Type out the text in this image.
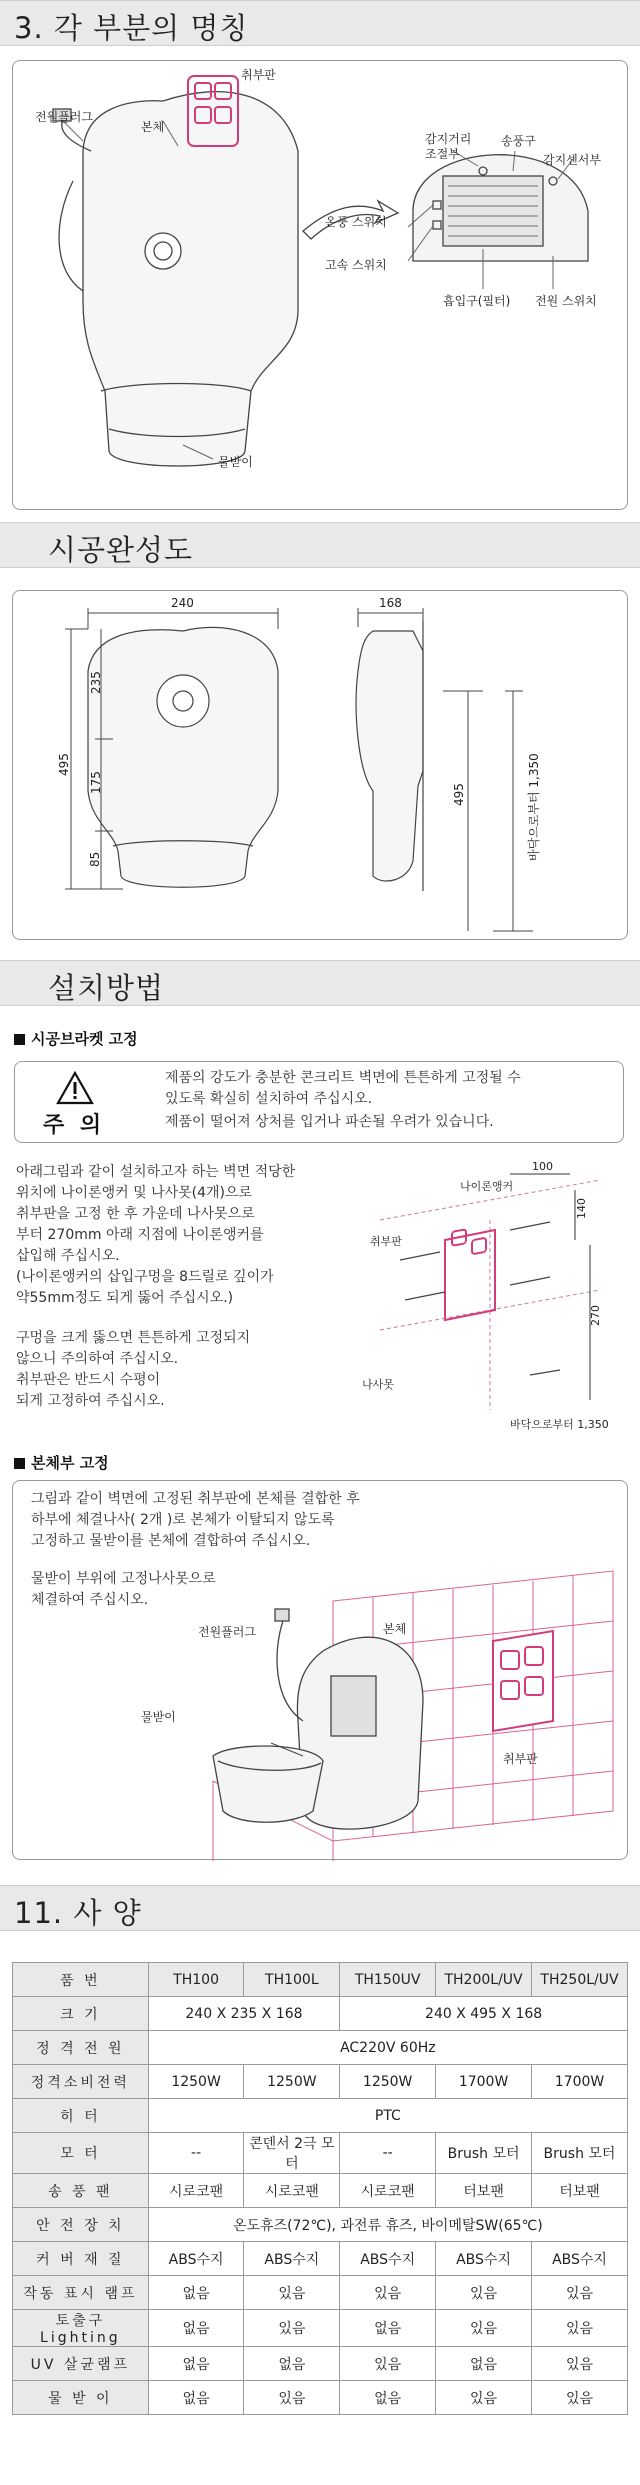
3. 각 부분의 명칭
취부판
전원플러그
본체
감지거리
조절부
송풍구
감지센서부
온풍 스위치
고속 스위치
흡입구(필터) 전원 스위치
물받이
시공완성도
240
495
235
175
85
168
495	바닥으로부터 1,350
설치방법
시공브라켓 고정
주 의
제품의 강도가 충분한 콘크리트 벽면에 튼튼하게 고정될 수
있도록 확실히 설치하여 주십시오.
제품이 떨어져 상처를 입거나 파손될 우려가 있습니다.
아래그림과 같이 설치하고자 하는 벽면 적당한
위치에 나이론앵커 및 나사못(4개)으로
취부판을 고정 한 후 가운데 나사못으로
부터 270mm 아래 지점에 나이론앵커를
삽입해 주십시오.
(나이론앵커의 삽입구멍을 8드릴로 깊이가
약55mm정도 되게 뚫어 주십시오.)
구멍을 크게 뚫으면 튼튼하게 고정되지
않으니 주의하여 주십시오.
취부판은 반드시 수평이
되게 고정하여 주십시오.
나이론앵커
취부판
나사못
100
140
270
바닥으로부터 1,350
본체부 고정
그림과 같이 벽면에 고정된 취부판에 본체를 결합한 후
하부에 체결나사( 2개 )로 본체가 이탈되지 않도록
고정하고 물받이를 본체에 결합하여 주십시오.
물받이 부위에 고정나사못으로
체결하여 주십시오.
본체
전원플러그
물받이
취부판
11. 사 양
품 번	TH100	TH100L	TH150UV	TH200L/UV	TH250L/UV
크 기	240 X 235 X 168		240 X 495 X 168		
정 격 전 원	AC220V 60Hz				
정격소비전력	1250W	1250W	1250W	1700W	1700W
히 터	PTC				
모 터	--	콘덴서 2극 모터	--	Brush 모터	Brush 모터
송 풍 팬	시로코팬	시로코팬	시로코팬	터보팬	터보팬
안 전 장 치	온도휴즈(72℃), 과전류 휴즈, 바이메탈SW(65℃)				
커 버 재 질	ABS수지	ABS수지	ABS수지	ABS수지	ABS수지
작동 표시 램프	없음	있음	있음	있음	있음
토출구 Lighting	없음	있음	없음	있음	있음
UV 살균램프	없음	없음	있음	없음	있음
물 받 이	없음	있음	없음	있음	있음
